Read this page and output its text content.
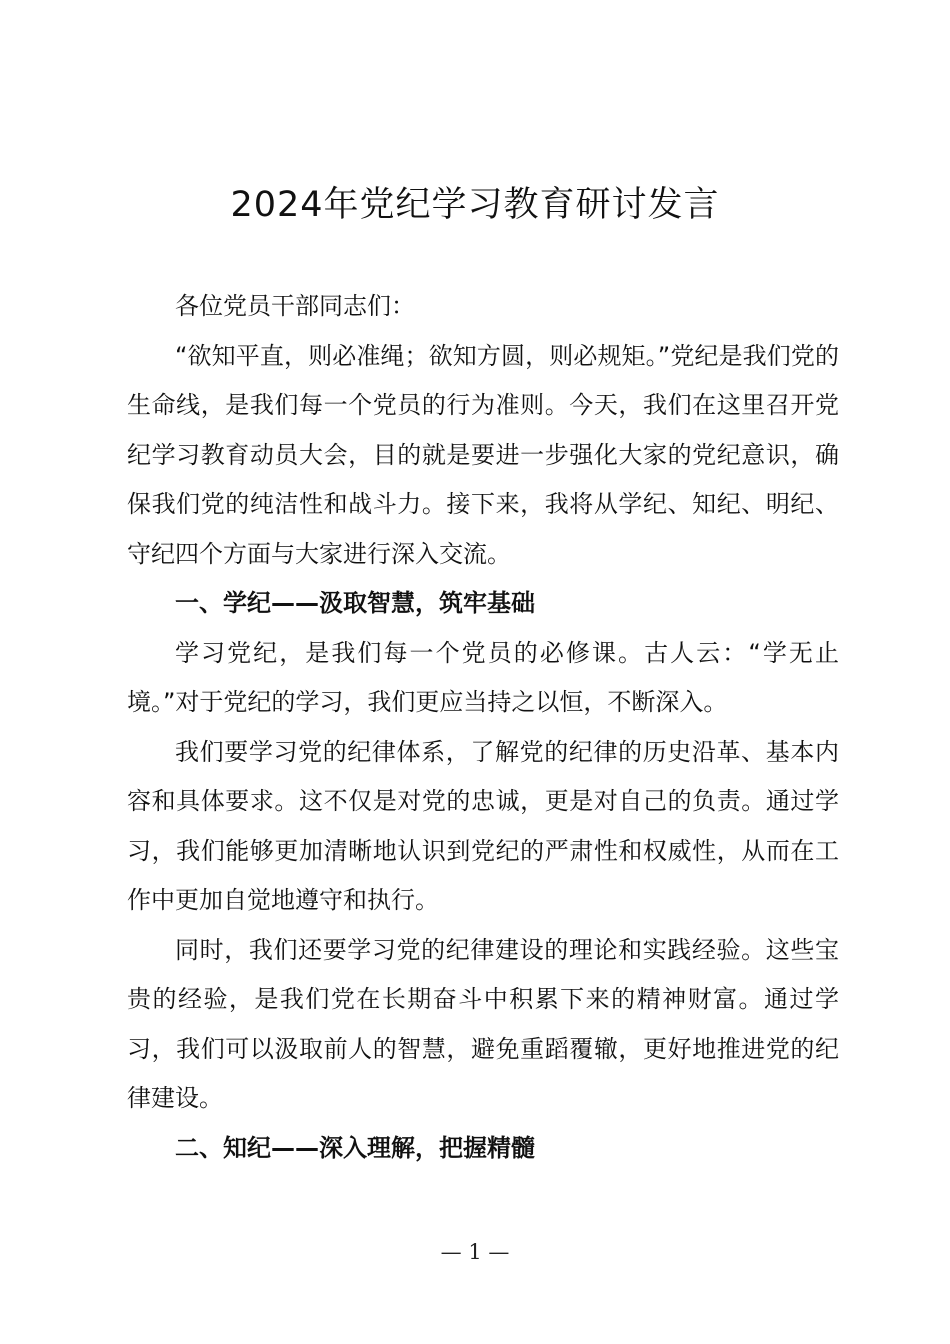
2024年党纪学习教育研讨发言

各位党员干部同志们：

“欲知平直，则必准绳；欲知方圆，则必规矩。”党纪是我们党的生命线，是我们每一个党员的行为准则。今天，我们在这里召开党纪学习教育动员大会，目的就是要进一步强化大家的党纪意识，确保我们党的纯洁性和战斗力。接下来，我将从学纪、知纪、明纪、守纪四个方面与大家进行深入交流。

一、学纪——汲取智慧，筑牢基础

学习党纪，是我们每一个党员的必修课。古人云：“学无止境。”对于党纪的学习，我们更应当持之以恒，不断深入。

我们要学习党的纪律体系，了解党的纪律的历史沿革、基本内容和具体要求。这不仅是对党的忠诚，更是对自己的负责。通过学习，我们能够更加清晰地认识到党纪的严肃性和权威性，从而在工作中更加自觉地遵守和执行。

同时，我们还要学习党的纪律建设的理论和实践经验。这些宝贵的经验，是我们党在长期奋斗中积累下来的精神财富。通过学习，我们可以汲取前人的智慧，避免重蹈覆辙，更好地推进党的纪律建设。

二、知纪——深入理解，把握精髓

— 1 —
